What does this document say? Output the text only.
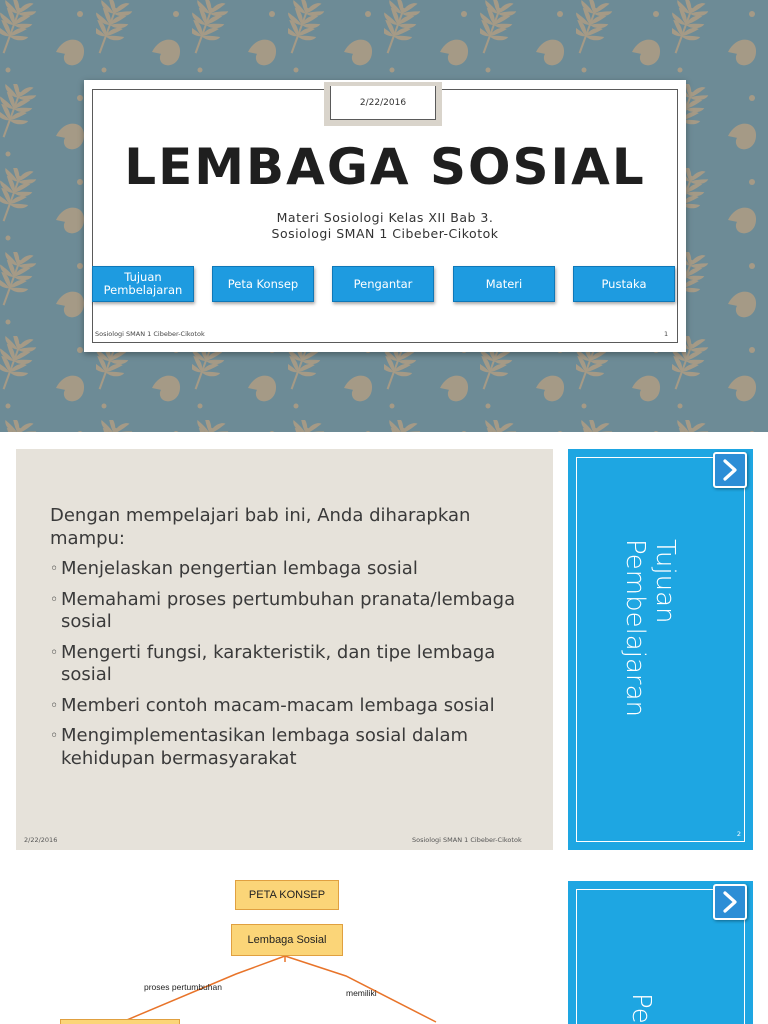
2/22/2016
LEMBAGA SOSIAL
Materi Sosiologi Kelas XII Bab 3.
Sosiologi SMAN 1 Cibeber-Cikotok
Tujuan Pembelajaran	Peta Konsep	Pengantar	Materi	Pustaka
Sosiologi SMAN 1 Cibeber-Cikotok	1
Dengan mempelajari bab ini, Anda diharapkan mampu:
◦ Menjelaskan pengertian lembaga sosial
◦ Memahami proses pertumbuhan pranata/lembaga sosial
◦ Mengerti fungsi, karakteristik, dan tipe lembaga sosial
◦ Memberi contoh macam-macam lembaga sosial
◦ Mengimplementasikan lembaga sosial dalam kehidupan bermasyarakat
2/22/2016	Sosiologi SMAN 1 Cibeber-Cikotok
Tujuan Pembelajaran
2
PETA KONSEP
Lembaga Sosial
proses pertumbuhan
memiliki	Pe
